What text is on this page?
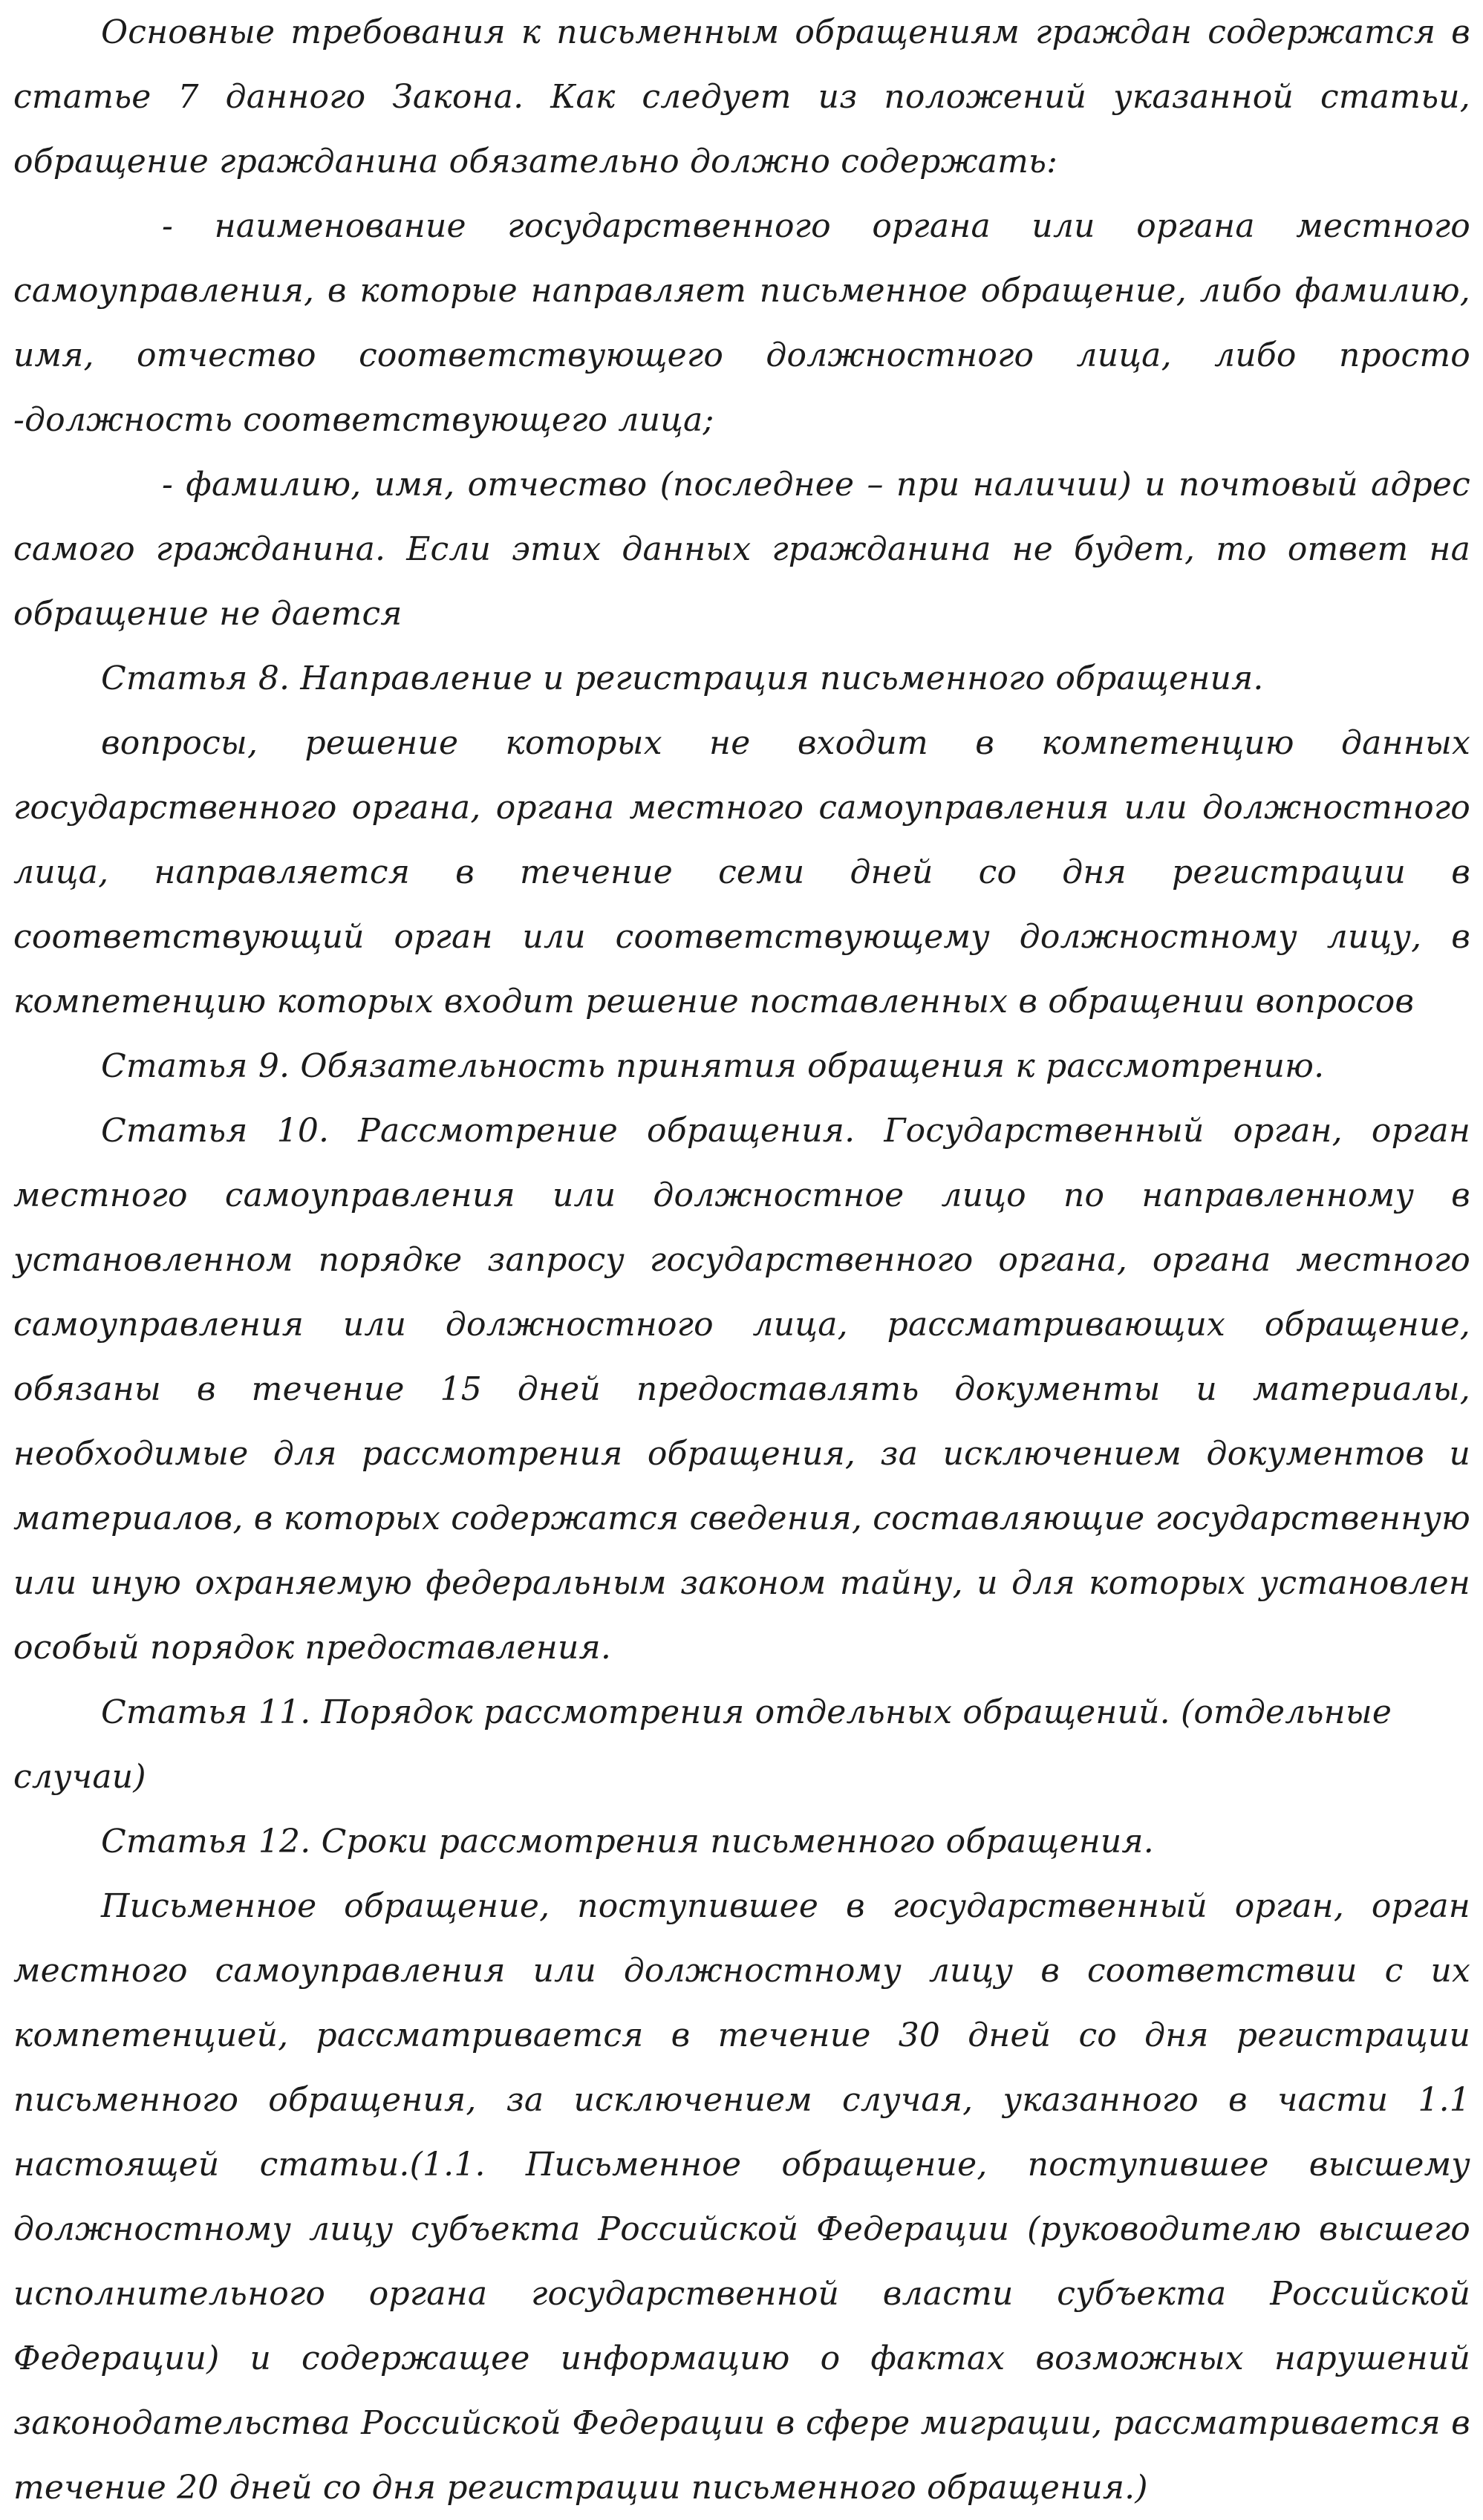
Основные требования к письменным обращениям граждан содержатся в статье 7 данного Закона. Как следует из положений указанной статьи, обращение гражданина обязательно должно содержать:

- наименование государственного органа или органа местного самоуправления, в которые направляет письменное обращение, либо фамилию, имя, отчество соответствующего должностного лица, либо просто -должность соответствующего лица;

- фамилию, имя, отчество (последнее – при наличии) и почтовый адрес самого гражданина. Если этих данных гражданина не будет, то ответ на обращение не дается

Статья 8. Направление и регистрация письменного обращения.

вопросы, решение которых не входит в компетенцию данных государственного органа, органа местного самоуправления или должностного лица, направляется в течение семи дней со дня регистрации в соответствующий орган или соответствующему должностному лицу, в компетенцию которых входит решение поставленных в обращении вопросов

Статья 9. Обязательность принятия обращения к рассмотрению.

Статья 10. Рассмотрение обращения. Государственный орган, орган местного самоуправления или должностное лицо по направленному в установленном порядке запросу государственного органа, органа местного самоуправления или должностного лица, рассматривающих обращение, обязаны в течение 15 дней предоставлять документы и материалы, необходимые для рассмотрения обращения, за исключением документов и материалов, в которых содержатся сведения, составляющие государственную или иную охраняемую федеральным законом тайну, и для которых установлен особый порядок предоставления.

Статья 11. Порядок рассмотрения отдельных обращений. (отдельные случаи)

Статья 12. Сроки рассмотрения письменного обращения.

Письменное обращение, поступившее в государственный орган, орган местного самоуправления или должностному лицу в соответствии с их компетенцией, рассматривается в течение 30 дней со дня регистрации письменного обращения, за исключением случая, указанного в части 1.1 настоящей статьи.(1.1. Письменное обращение, поступившее высшему должностному лицу субъекта Российской Федерации (руководителю высшего исполнительного органа государственной власти субъекта Российской Федерации) и содержащее информацию о фактах возможных нарушений законодательства Российской Федерации в сфере миграции, рассматривается в течение 20 дней со дня регистрации письменного обращения.)
